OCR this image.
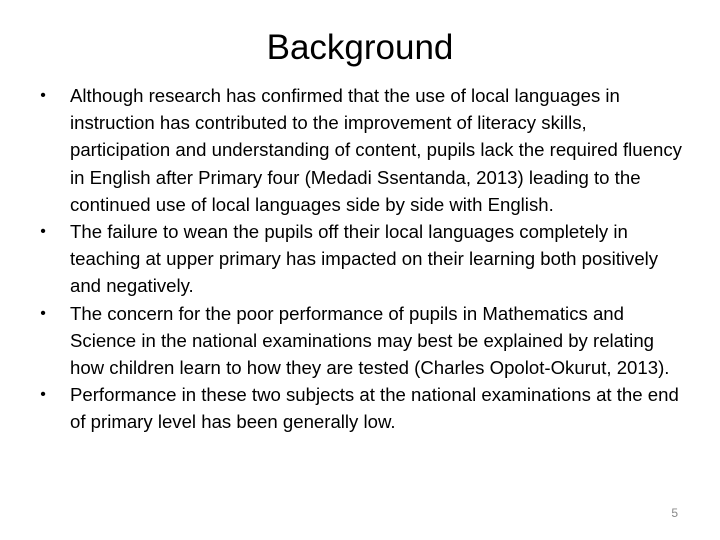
Background
• Although research has confirmed that the use of local languages in instruction has contributed to the improvement of literacy skills, participation and understanding of content, pupils lack the required fluency in English after Primary four (Medadi Ssentanda, 2013) leading to the continued use of local languages side by side with English.
• The failure to wean the pupils off their local languages completely in teaching at upper primary has impacted on their learning both positively and negatively.
• The concern for the poor performance of pupils in Mathematics and Science in the national examinations may best be explained by relating how children learn to how they are tested (Charles Opolot-Okurut, 2013).
• Performance in these two subjects at the national examinations at the end of primary level has been generally low.
5
